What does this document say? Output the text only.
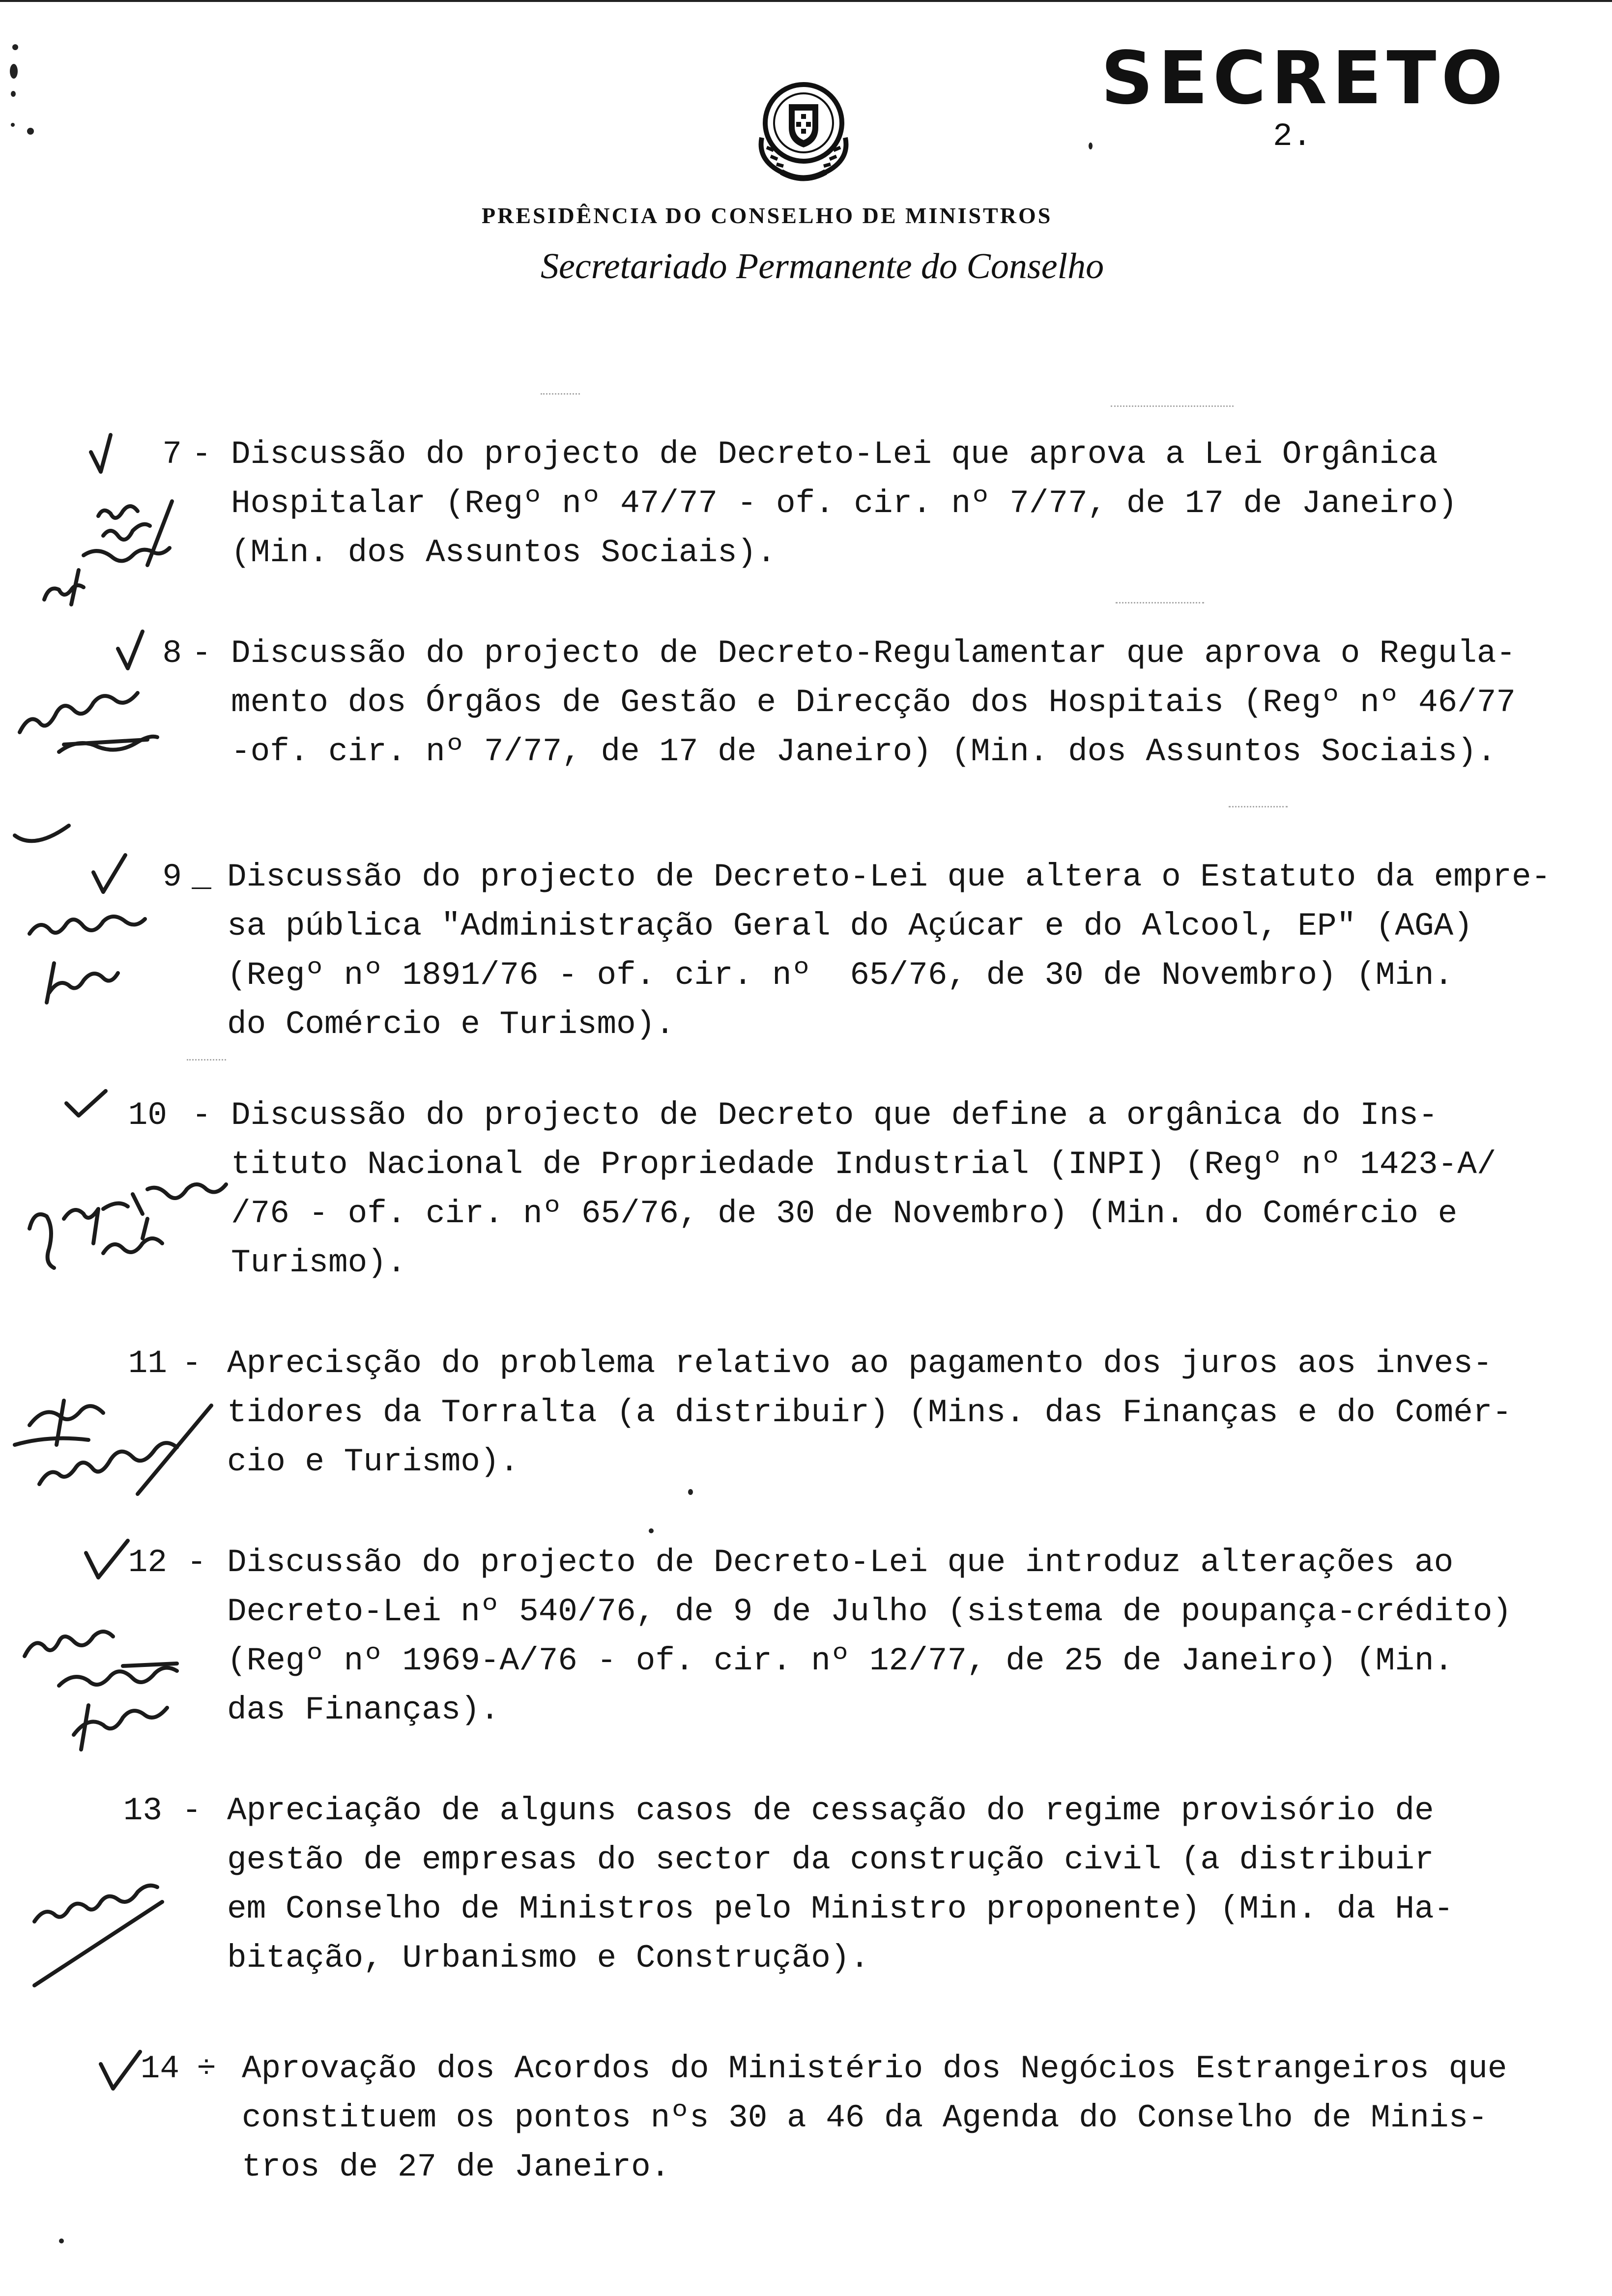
SECRETO
2.
PRESIDÊNCIA DO CONSELHO DE MINISTROS
Secretariado Permanente do Conselho
7 - Discussão do projecto de Decreto-Lei que aprova a Lei Orgânica
Hospitalar (Regº nº 47/77 - of. cir. nº 7/77, de 17 de Janeiro)
(Min. dos Assuntos Sociais).
8 - Discussão do projecto de Decreto-Regulamentar que aprova o Regula-
mento dos Órgãos de Gestão e Direcção dos Hospitais (Regº nº 46/77
-of. cir. nº 7/77, de 17 de Janeiro) (Min. dos Assuntos Sociais).
9 _ Discussão do projecto de Decreto-Lei que altera o Estatuto da empre-
sa pública "Administração Geral do Açúcar e do Alcool, EP" (AGA)
(Regº nº 1891/76 - of. cir. nº  65/76, de 30 de Novembro) (Min.
do Comércio e Turismo).
10 - Discussão do projecto de Decreto que define a orgânica do Ins-
tituto Nacional de Propriedade Industrial (INPI) (Regº nº 1423-A/
/76 - of. cir. nº 65/76, de 30 de Novembro) (Min. do Comércio e
Turismo).
11 - Aprecisção do problema relativo ao pagamento dos juros aos inves-
tidores da Torralta (a distribuir) (Mins. das Finanças e do Comér-
cio e Turismo).
12 - Discussão do projecto de Decreto-Lei que introduz alterações ao
Decreto-Lei nº 540/76, de 9 de Julho (sistema de poupança-crédito)
(Regº nº 1969-A/76 - of. cir. nº 12/77, de 25 de Janeiro) (Min.
das Finanças).
13 - Apreciação de alguns casos de cessação do regime provisório de
gestão de empresas do sector da construção civil (a distribuir
em Conselho de Ministros pelo Ministro proponente) (Min. da Ha-
bitação, Urbanismo e Construção).
14 ÷ Aprovação dos Acordos do Ministério dos Negócios Estrangeiros que
constituem os pontos nºs 30 a 46 da Agenda do Conselho de Minis-
tros de 27 de Janeiro.
